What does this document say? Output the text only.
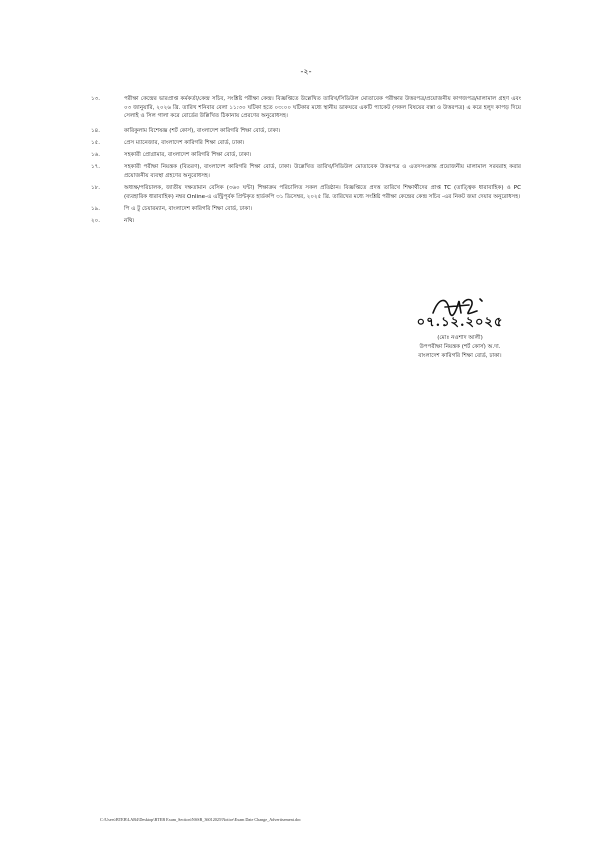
-২-
১৩.	পরীক্ষা কেন্দ্রের ভারপ্রাপ্ত কর্মকর্তা/কেন্দ্র সচিব, সংশ্লিষ্ট পরীক্ষা কেন্দ্র। বিজ্ঞপ্তিতে উল্লেখিত তারিখ/সিডিউল মোতাবেক পরীক্ষার উত্তরপত্র/প্রয়োজনীয় কাগজপত্র/মালামাল গ্রহণ এবং ০৩ জানুয়ারি, ২০২৬ খ্রি. তারিখ শনিবার বেলা ১১:৩০ ঘটিকা হতে ০৩:০০ ঘটিকার মধ্যে স্থানীয় ডাকঘরে একটি প্যাকেট (সকল বিষয়ের বস্তা ও উত্তরপত্র) এ করে হলুদ কাপড় দিয়ে সেলাই ও সিল গালা করে বোর্ডের উল্লিখিত ঠিকানায় প্রেরণের অনুরোধসহ।
১৪.	কারিকুলাম বিশেষজ্ঞ (শর্ট কোর্স), বাংলাদেশ কারিগরি শিক্ষা বোর্ড, ঢাকা।
১৫.	প্রেস ম্যানেজার, বাংলাদেশ কারিগরি শিক্ষা বোর্ড, ঢাকা।
১৬.	সহকারী প্রোগ্রামার, বাংলাদেশ কারিগরি শিক্ষা বোর্ড, ঢাকা।
১৭.	সহকারী পরীক্ষা নিয়ন্ত্রক (বিতরণ), বাংলাদেশ কারিগরি শিক্ষা বোর্ড, ঢাকা। উল্লেখিত তারিখ/সিডিউল মোতাবেক উত্তরপত্র ও এতদসংক্রান্ত প্রয়োজনীয় মালামাল সরবরাহ করার প্রয়োজনীয় ব্যবস্থা গ্রহণের অনুরোধসহ।
১৮.	অধ্যক্ষ/পরিচালক, জাতীয় দক্ষতামান বেসিক (৩৬০ ঘন্টা) শিক্ষাক্রম পরিচালিত সকল প্রতিষ্ঠান। বিজ্ঞপ্তিতে প্রদত্ত তারিখে শিক্ষার্থীদের প্রাপ্ত TC (তাত্ত্বিক ধারাবাহিক) ও PC (ব্যবহারিক ধারাবাহিক) নম্বর Online-এ এন্ট্রিপূর্বক প্রিন্টকৃত হার্ডকপি ৩১ ডিসেম্বর, ২০২৫ খ্রি. তারিখের মধ্যে সংশ্লিষ্ট পরীক্ষা কেন্দ্রের কেন্দ্র সচিব -এর নিকট জমা দেয়ার অনুরোধসহ।
১৯.	পি এ টু চেয়ারম্যান, বাংলাদেশ কারিগরি শিক্ষা বোর্ড, ঢাকা।
২০.	নথি।
০৭.১২.২০২৫
(মোঃ নওশাদ আলী)
উপপরীক্ষা নিয়ন্ত্রক (শর্ট কোর্স) অ.দা.
বাংলাদেশ কারিগরি শিক্ষা বোর্ড, ঢাকা।
C:\Users\BTEB\LAB4\Desktop\BTEB Exam_Section\NSSB_36012025\Notice\Exam Date Change_Advertisement.doc
